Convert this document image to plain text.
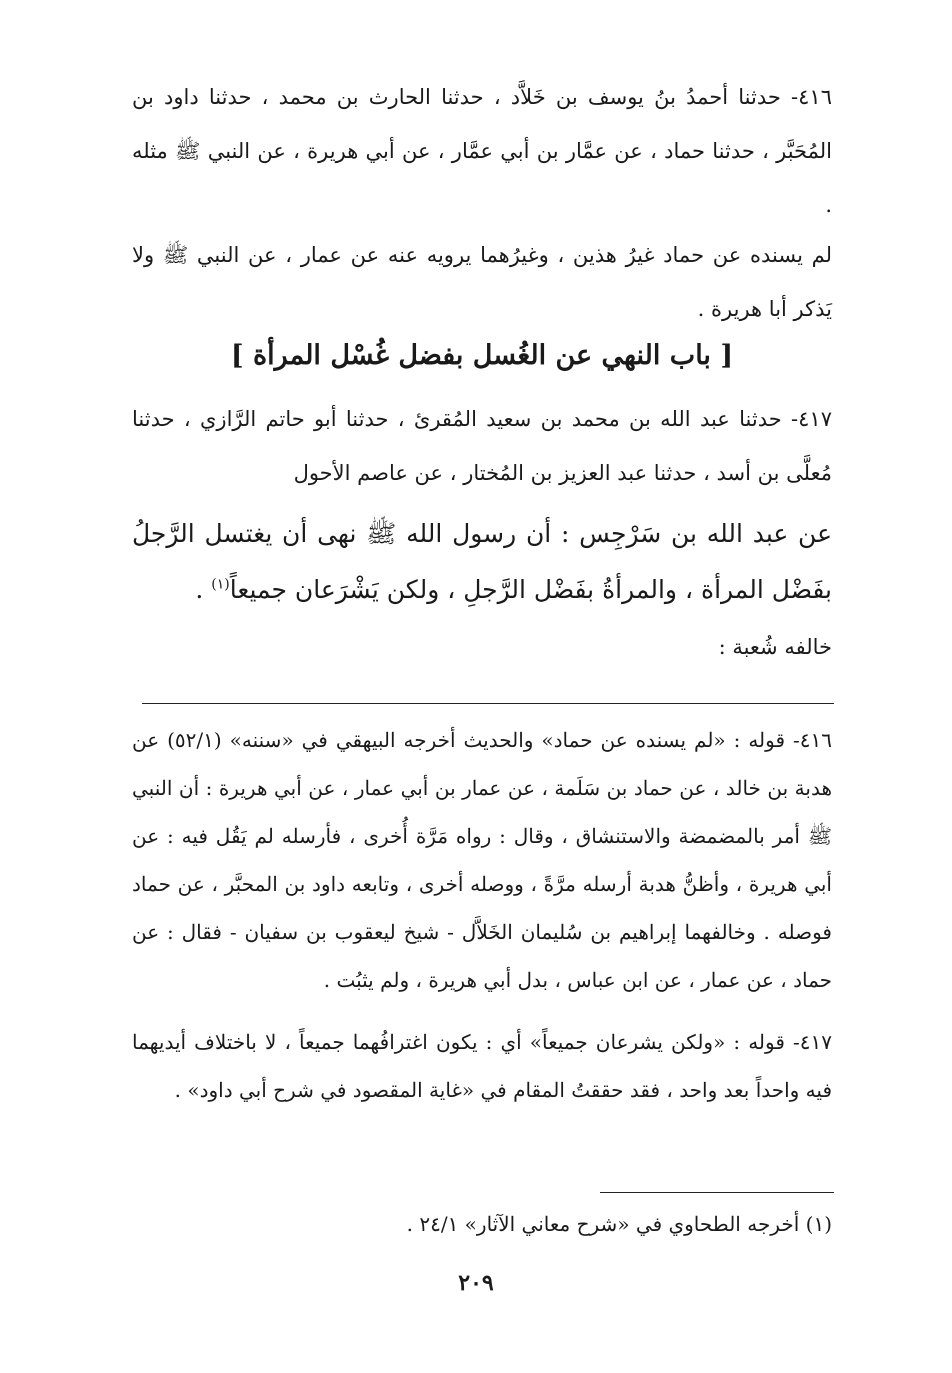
٤١٦- حدثنا أحمدُ بنُ يوسف بن خَلاَّد ، حدثنا الحارث بن محمد ، حدثنا داود بن المُحَبَّر ، حدثنا حماد ، عن عمَّار بن أبي عمَّار ، عن أبي هريرة ، عن النبي ﷺ مثله .

لم يسنده عن حماد غيرُ هذين ، وغيرُهما يرويه عنه عن عمار ، عن النبي ﷺ ولا يَذكر أبا هريرة .

[ باب النهي عن الغُسل بفضل غُسْل المرأة ]

٤١٧- حدثنا عبد الله بن محمد بن سعيد المُقرئ ، حدثنا أبو حاتم الرَّازي ، حدثنا مُعلَّى بن أسد ، حدثنا عبد العزيز بن المُختار ، عن عاصم الأحول

عن عبد الله بن سَرْجِس : أن رسول الله ﷺ نهى أن يغتسل الرَّجلُ بفَضْل المرأة ، والمرأةُ بفَضْل الرَّجلِ ، ولكن يَشْرَعان جميعاً$^{(١)}$ .

خالفه شُعبة :

٤١٦- قوله : «لم يسنده عن حماد» والحديث أخرجه البيهقي في «سننه» (٥٢/١) عن هدبة بن خالد ، عن حماد بن سَلَمة ، عن عمار بن أبي عمار ، عن أبي هريرة : أن النبي ﷺ أمر بالمضمضة والاستنشاق ، وقال : رواه مَرَّة أُخرى ، فأرسله لم يَقُل فيه : عن أبي هريرة ، وأظنُّ هدبة أرسله مرَّةً ، ووصله أخرى ، وتابعه داود بن المحبَّر ، عن حماد فوصله . وخالفهما إبراهيم بن سُليمان الخَلاَّل - شيخ ليعقوب بن سفيان - فقال : عن حماد ، عن عمار ، عن ابن عباس ، بدل أبي هريرة ، ولم يثبُت .

٤١٧- قوله : «ولكن يشرعان جميعاً» أي : يكون اغترافُهما جميعاً ، لا باختلاف أيديهما فيه واحداً بعد واحد ، فقد حققتُ المقام في «غاية المقصود في شرح أبي داود» .

(١) أخرجه الطحاوي في «شرح معاني الآثار» ٢٤/١ .

٢٠٩
